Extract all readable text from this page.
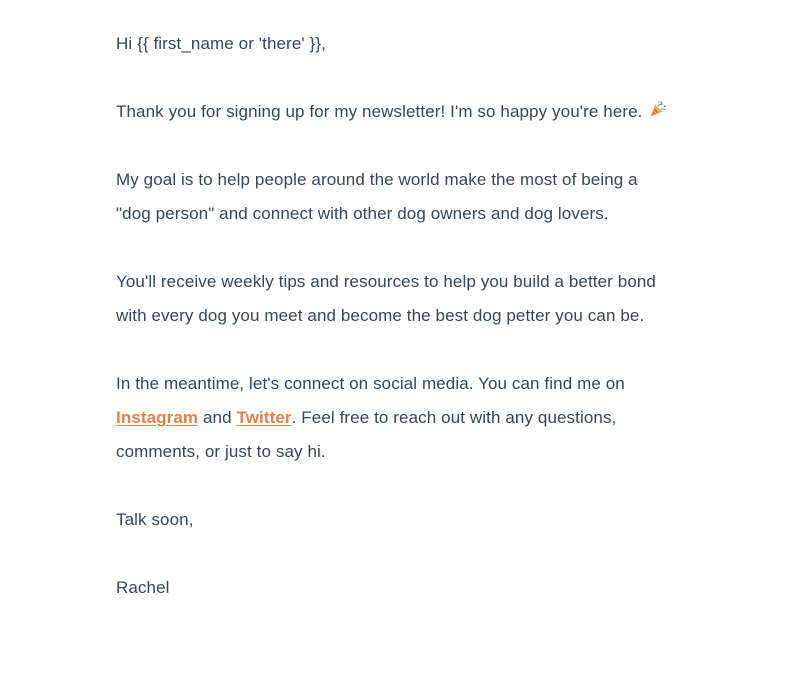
Hi {{ first_name or 'there' }},

Thank you for signing up for my newsletter! I'm so happy you're here.

My goal is to help people around the world make the most of being a "dog person" and connect with other dog owners and dog lovers.

You'll receive weekly tips and resources to help you build a better bond with every dog you meet and become the best dog petter you can be.

In the meantime, let's connect on social media. You can find me on Instagram and Twitter. Feel free to reach out with any questions, comments, or just to say hi.

Talk soon,

Rachel
